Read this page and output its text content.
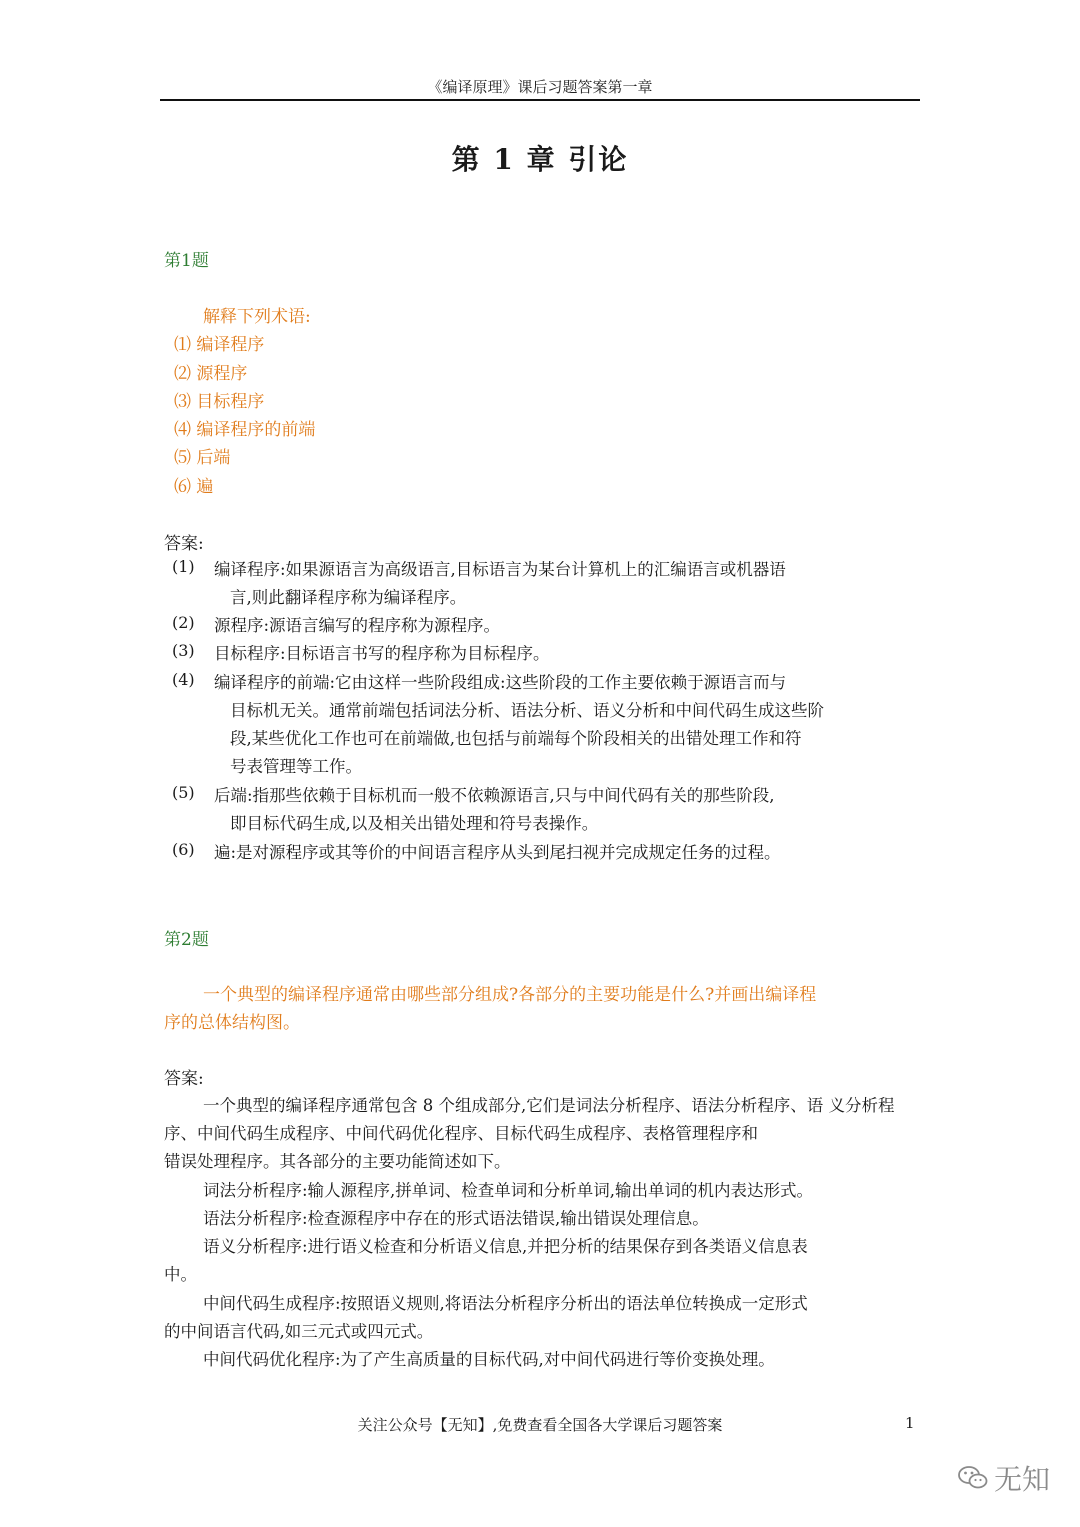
《编译原理》课后习题答案第一章
第 1 章 引论
第1题
解释下列术语:
⑴ 编译程序
⑵ 源程序
⑶ 目标程序
⑷ 编译程序的前端
⑸ 后端
⑹ 遍
答案:
(1) 编译程序:如果源语言为高级语言,目标语言为某台计算机上的汇编语言或机器语
言,则此翻译程序称为编译程序。
(2) 源程序:源语言编写的程序称为源程序。
(3) 目标程序:目标语言书写的程序称为目标程序。
(4) 编译程序的前端:它由这样一些阶段组成:这些阶段的工作主要依赖于源语言而与
目标机无关。通常前端包括词法分析、语法分析、语义分析和中间代码生成这些阶
段,某些优化工作也可在前端做,也包括与前端每个阶段相关的出错处理工作和符
号表管理等工作。
(5) 后端:指那些依赖于目标机而一般不依赖源语言,只与中间代码有关的那些阶段,
即目标代码生成,以及相关出错处理和符号表操作。
(6) 遍:是对源程序或其等价的中间语言程序从头到尾扫视并完成规定任务的过程。
第2题
一个典型的编译程序通常由哪些部分组成?各部分的主要功能是什么?并画出编译程
序的总体结构图。
答案:
一个典型的编译程序通常包含 8 个组成部分,它们是词法分析程序、语法分析程序、语 义分析程
序、中间代码生成程序、中间代码优化程序、目标代码生成程序、表格管理程序和
错误处理程序。其各部分的主要功能简述如下。
词法分析程序:输人源程序,拼单词、检查单词和分析单词,输出单词的机内表达形式。
语法分析程序:检查源程序中存在的形式语法错误,输出错误处理信息。
语义分析程序:进行语义检查和分析语义信息,并把分析的结果保存到各类语义信息表
中。
中间代码生成程序:按照语义规则,将语法分析程序分析出的语法单位转换成一定形式
的中间语言代码,如三元式或四元式。
中间代码优化程序:为了产生高质量的目标代码,对中间代码进行等价变换处理。
关注公众号【无知】,免费查看全国各大学课后习题答案	1
无知
